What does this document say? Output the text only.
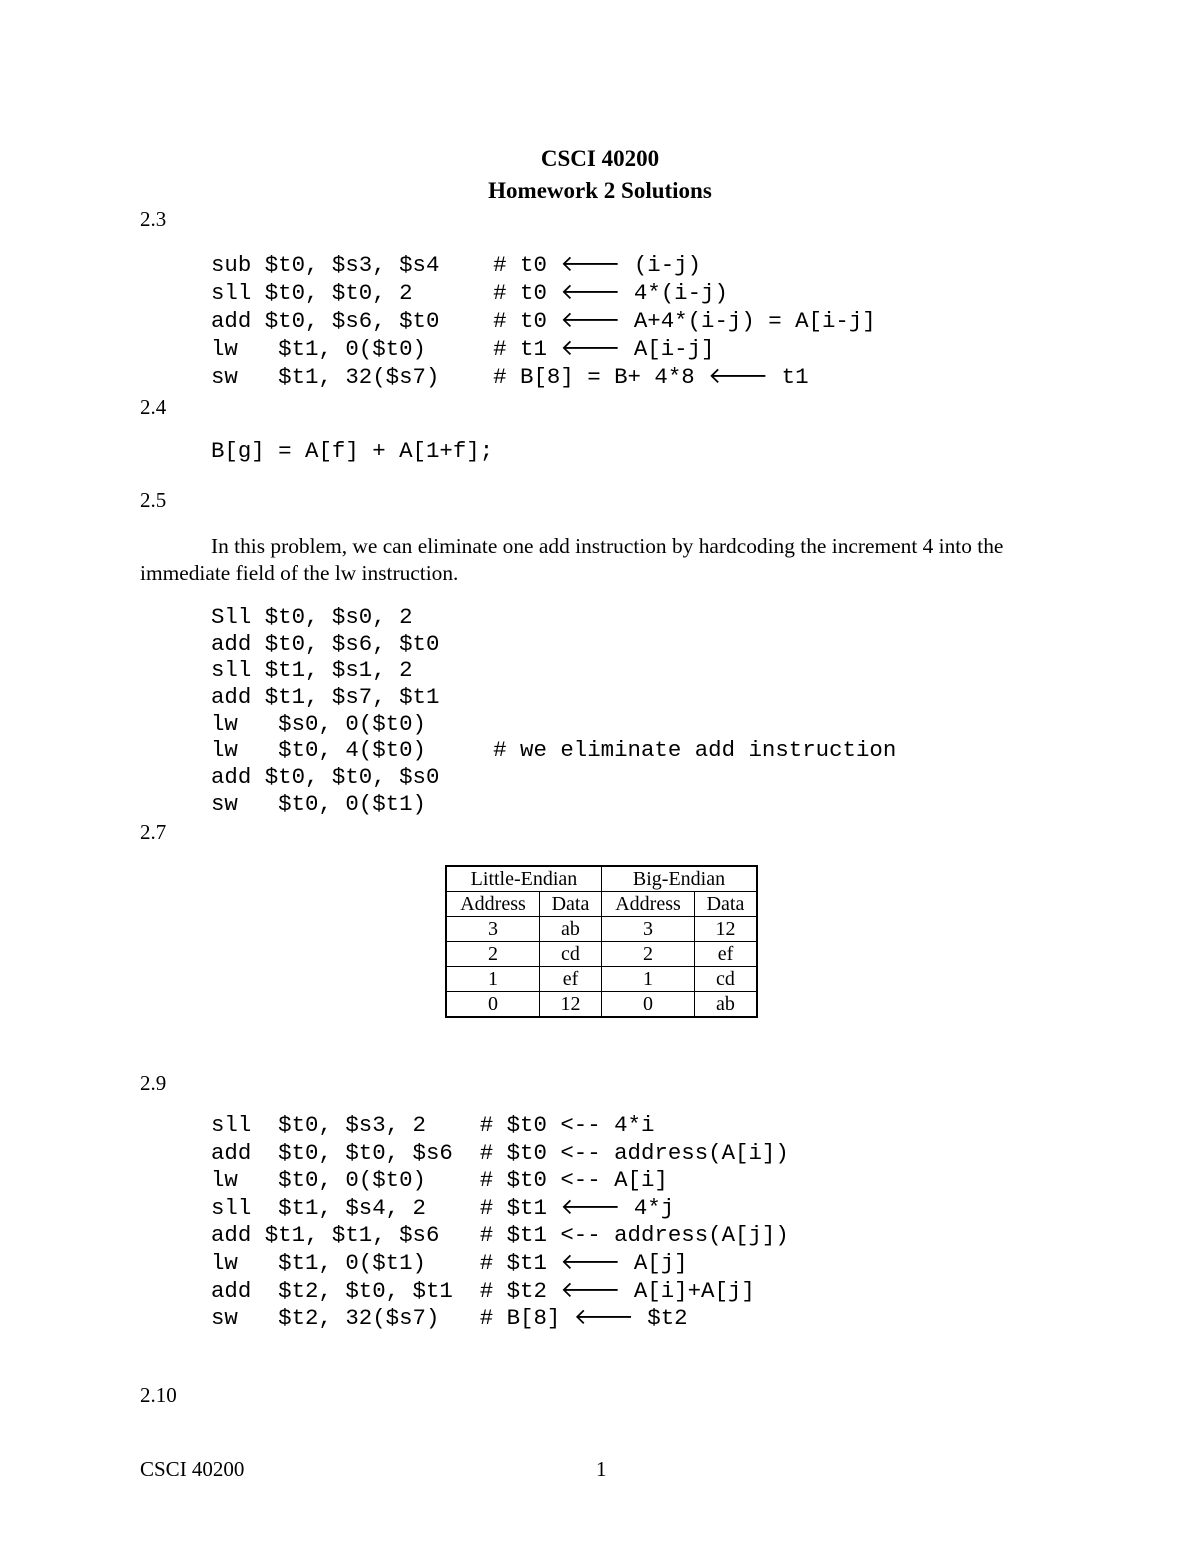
CSCI 40200
Homework 2 Solutions
2.3
sub $t0, $s3, $s4    # t0 🡐 (i-j)
sll $t0, $t0, 2      # t0 🡐 4*(i-j)
add $t0, $s6, $t0    # t0 🡐 A+4*(i-j) = A[i-j]
lw   $t1, 0($t0)     # t1 🡐 A[i-j]
sw   $t1, 32($s7)    # B[8] = B+ 4*8 🡐 t1
2.4
B[g] = A[f] + A[1+f];
2.5
In this problem, we can eliminate one add instruction by hardcoding the increment 4 into the immediate field of the lw instruction.
Sll $t0, $s0, 2
add $t0, $s6, $t0
sll $t1, $s1, 2
add $t1, $s7, $t1
lw   $s0, 0($t0)
lw   $t0, 4($t0)     # we eliminate add instruction
add $t0, $t0, $s0
sw   $t0, 0($t1)
2.7
Little-Endian		Big-Endian	
Address	Data	Address	Data
3	ab	3	12
2	cd	2	ef
1	ef	1	cd
0	12	0	ab
2.9
sll  $t0, $s3, 2    # $t0 <-- 4*i
add  $t0, $t0, $s6  # $t0 <-- address(A[i])
lw   $t0, 0($t0)    # $t0 <-- A[i]
sll  $t1, $s4, 2    # $t1 🡐 4*j
add $t1, $t1, $s6   # $t1 <-- address(A[j])
lw   $t1, 0($t1)    # $t1 🡐 A[j]
add  $t2, $t0, $t1  # $t2 🡐 A[i]+A[j]
sw   $t2, 32($s7)   # B[8] 🡐 $t2
2.10
CSCI 40200	1
